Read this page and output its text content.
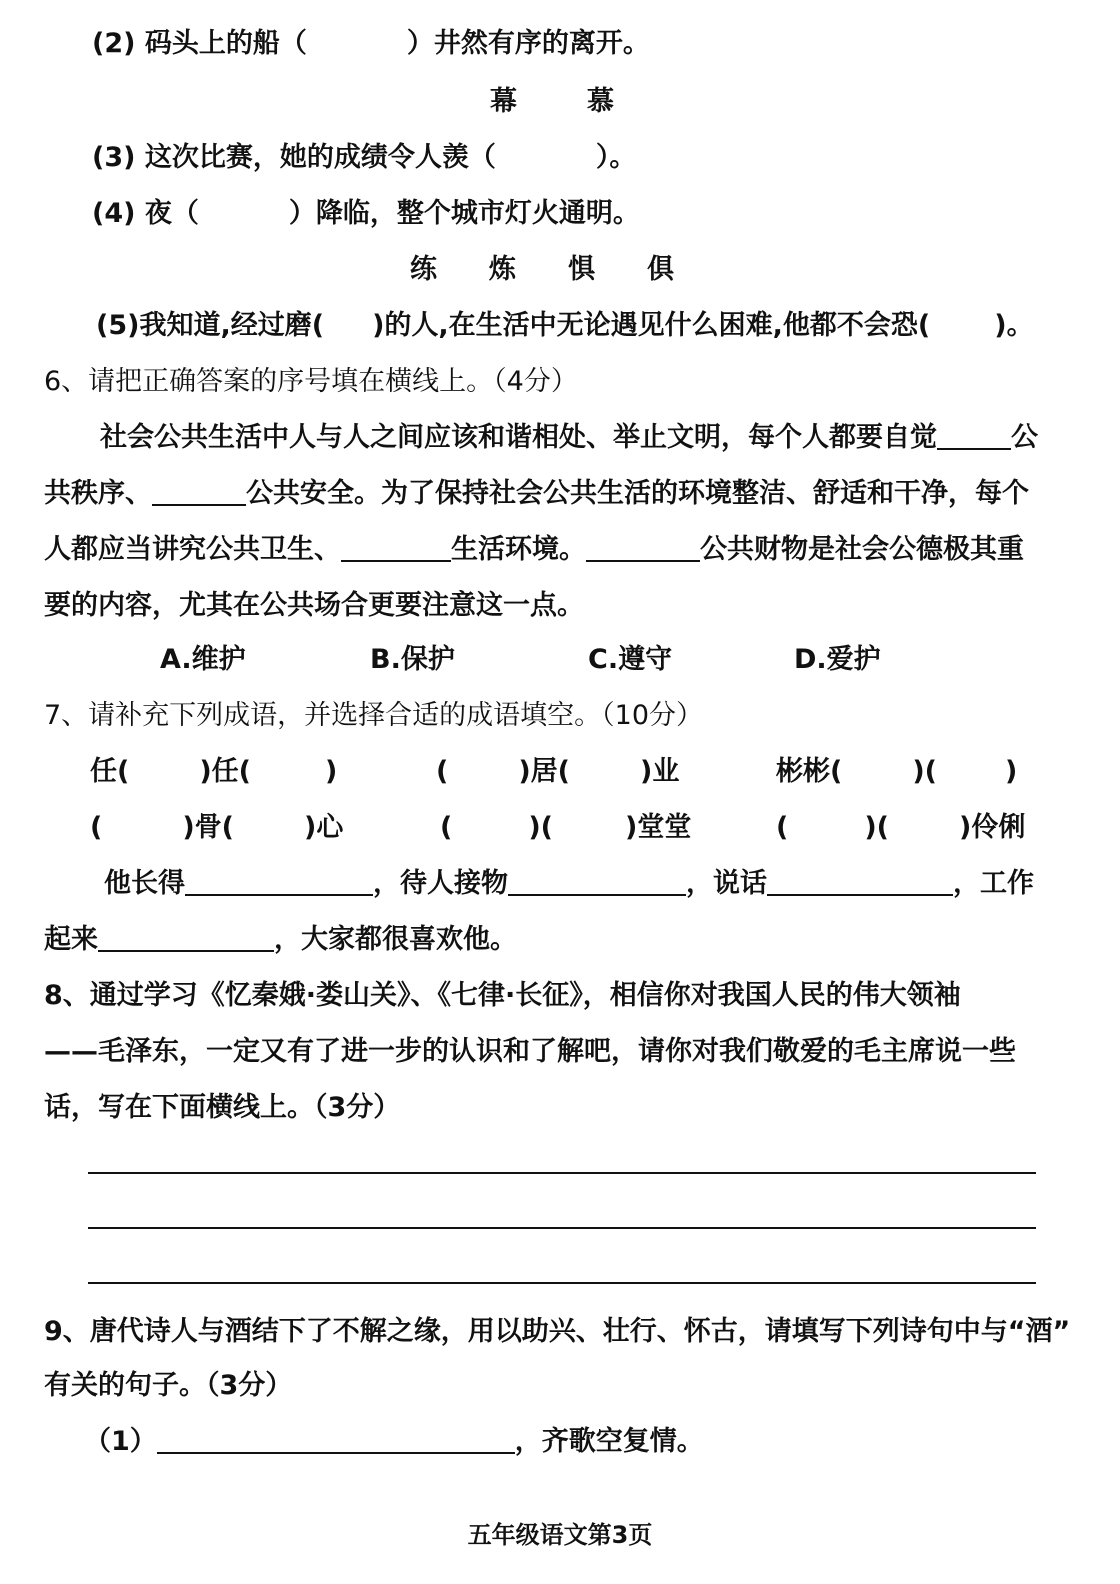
(2) 码头上的船（	）井然有序的离开。
幕	慕
(3) 这次比赛，她的成绩令人羡（	）。
(4) 夜（	）降临，整个城市灯火通明。
练 炼 惧 俱
(5)我知道,经过磨( )的人,在生活中无论遇见什么困难,他都不会恐( )。
6、请把正确答案的序号填在横线上。（4分）
社会公共生活中人与人之间应该和谐相处、举止文明，每个人都要自觉	公
共秩序、	公共安全。为了保持社会公共生活的环境整洁、舒适和干净，每个
人都应当讲究公共卫生、	生活环境。	公共财物是社会公德极其重
要的内容，尤其在公共场合更要注意这一点。
A.维护	B.保护	C.遵守	D.爱护
7、请补充下列成语，并选择合适的成语填空。（10分）
任(	)任(	)	(	)居(	)业	彬彬(	)(	)
(	)骨(	)心	(	)(	)堂堂	(	)(	)伶俐
他长得	，待人接物	，说话	，工作
起来	，大家都很喜欢他。
8、通过学习《忆秦娥·娄山关》、《七律·长征》，相信你对我国人民的伟大领袖
——毛泽东，一定又有了进一步的认识和了解吧，请你对我们敬爱的毛主席说一些
话，写在下面横线上。（3分）
9、唐代诗人与酒结下了不解之缘，用以助兴、壮行、怀古，请填写下列诗句中与“酒”
有关的句子。（3分）
（1）	，齐歌空复情。
五年级语文第3页
